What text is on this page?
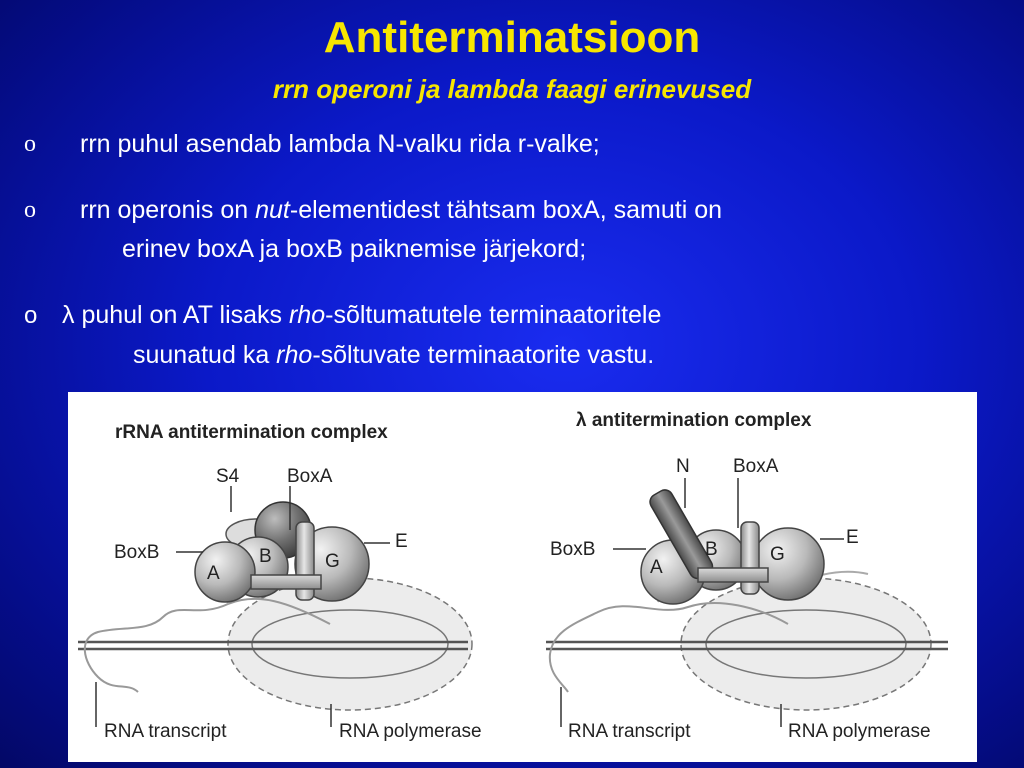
Antiterminatsioon
rrn operoni ja lambda faagi erinevused
o rrn puhul asendab lambda N-valku rida r-valke;
o rrn operonis on nut-elementidest tähtsam boxA, samuti on
erinev boxA ja boxB paiknemise järjekord;
o λ puhul on AT lisaks rho-sõltumatutele terminaatoritele
suunatud ka rho-sõltuvate terminaatorite vastu.
rRNA antitermination complex
S4	BoxA
BoxB
E
A
B	G
RNA transcript	RNA polymerase
λ antitermination complex
N BoxA
BoxB
E
A
B	G
RNA transcript	RNA polymerase
